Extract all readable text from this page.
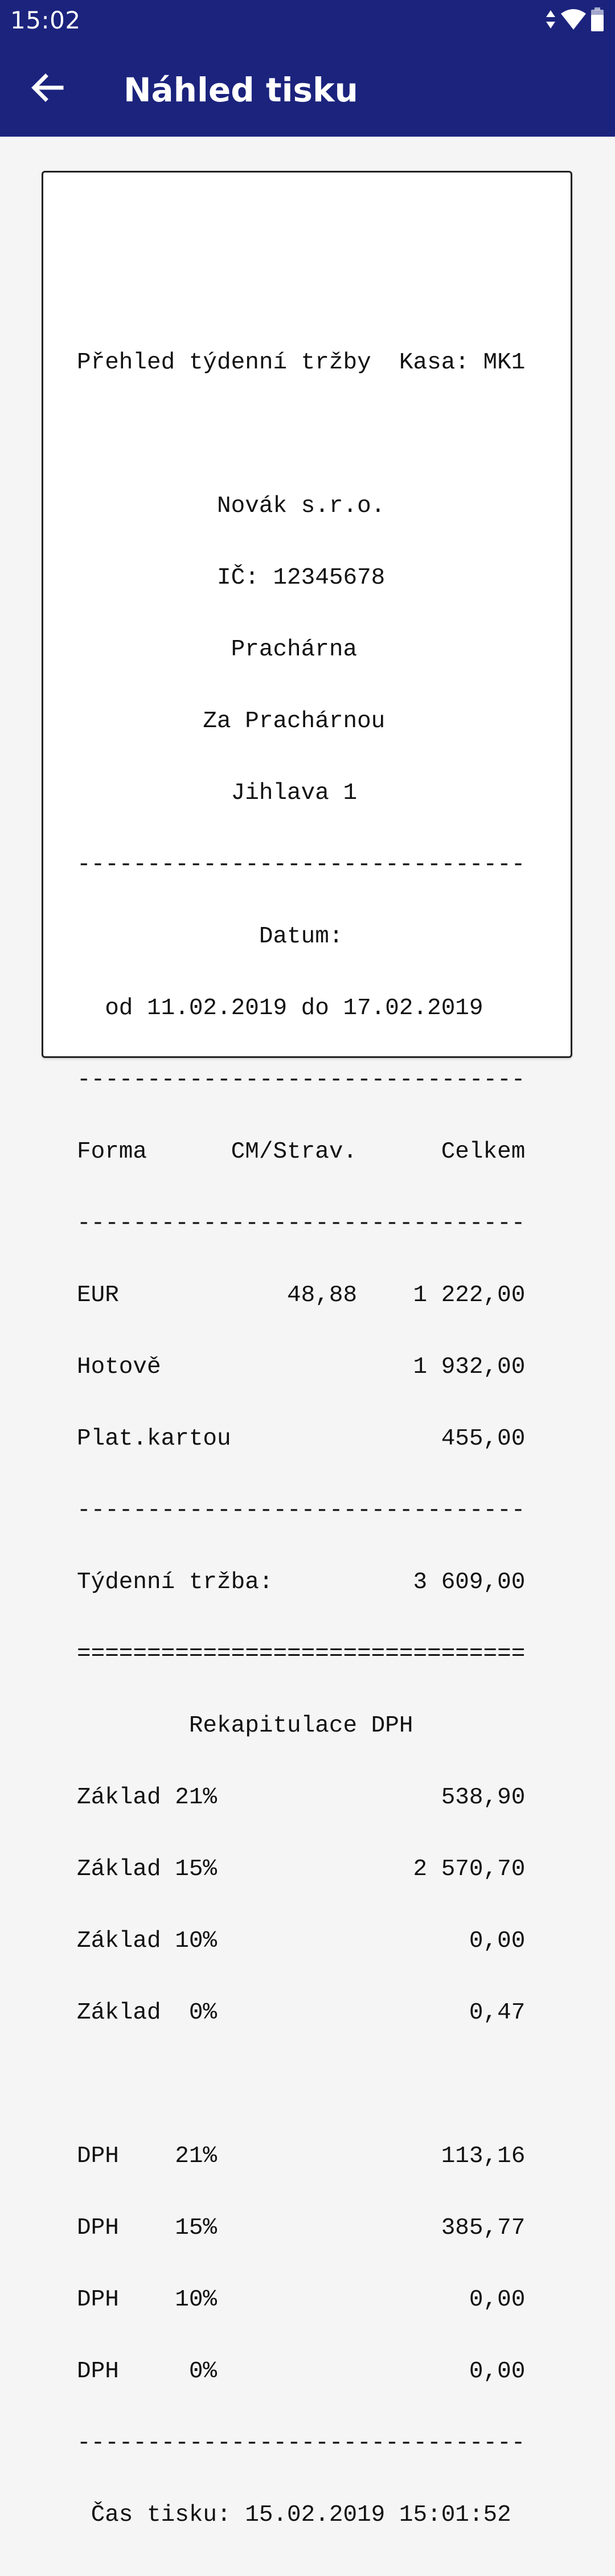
15:02
Náhled tisku

Přehled týdenní tržby  Kasa: MK1

Novák s.r.o.

IČ: 12345678

Prachárna

Za Prachárnou

Jihlava 1

--------------------------------

Datum:

od 11.02.2019 do 17.02.2019

--------------------------------

Forma      CM/Strav.      Celkem

--------------------------------

EUR            48,88    1 222,00

Hotově                  1 932,00

Plat.kartou               455,00

--------------------------------

Týdenní tržba:          3 609,00

================================

Rekapitulace DPH

Základ 21%                538,90

Základ 15%              2 570,70

Základ 10%                  0,00

Základ  0%                  0,47

DPH    21%                113,16

DPH    15%                385,77

DPH    10%                  0,00

DPH     0%                  0,00

--------------------------------

Čas tisku: 15.02.2019 15:01:52
